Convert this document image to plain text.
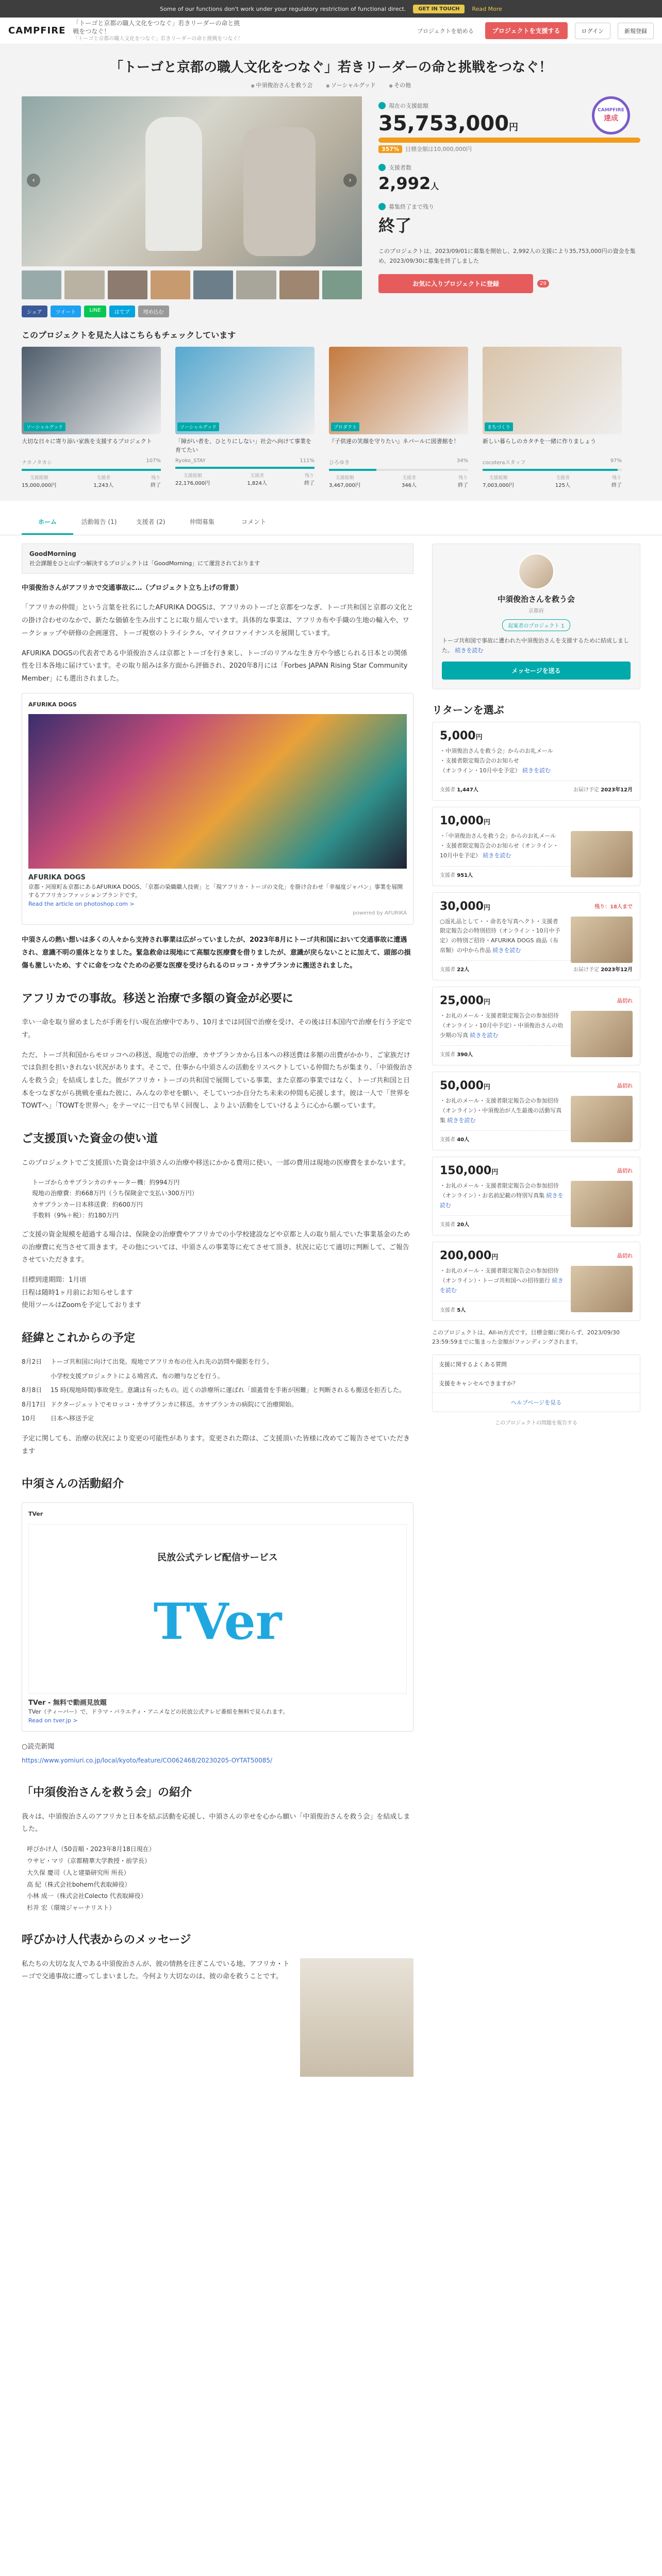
Some of our functions don't work under your regulatory restriction of functional direct.	GET IN TOUCH	Read More
CAMPFIRE
「トーゴと京都の職人文化をつなぐ」若きリーダーの命と挑戦をつなぐ！
「トーゴと京都の職人文化をつなぐ」若きリーダーの命と挑戦をつなぐ！
プロジェクトを始める	プロジェクトを支援する	ログイン	新規登録
「トーゴと京都の職人文化をつなぐ」若きリーダーの命と挑戦をつなぐ！
● 中須俊治さんを救う会	● ソーシャルグッド	● その他
‹	›
シェア	ツイート	LINE	はてブ	埋め込む
CAMPFIRE
達成
現在の支援総額
35,753,000円
357% 目標金額は10,000,000円
支援者数
2,992人
募集終了まで残り
終了
このプロジェクトは、2023/09/01に募集を開始し、2,992人の支援により35,753,000円の資金を集め、2023/09/30に募集を終了しました
お気に入りプロジェクトに登録	29
このプロジェクトを見た人はこちらもチェックしています
ソーシャルグッド
大切な日々に寄り添い家族を支援するプロジェクト
ナカノタカシ	107%
支援総額
15,000,000円
支援者
1,243人
残り
終了
ソーシャルグッド
「障がい者を、ひとりにしない」社会へ向けて事業を育てたい
Ryoko_STAY	111%
支援総額
22,176,000円
支援者
1,824人
残り
終了
プロダクト
『子供達の笑顔を守りたい』ネパールに図書館を！
ひろゆき	34%
支援総額
3,467,000円
支援者
346人
残り
終了
まちづくり
新しい暮らしのカタチを一緒に作りましょう
cocoteraスタッフ	97%
支援総額
7,003,000円
支援者
125人
残り
終了
ホーム	活動報告 (1)	支援者 (2)	仲間募集	コメント
GoodMorning
社会課題をひと山ずつ解決するプロジェクトは「GoodMorning」にて運営されております

中須俊治さんがアフリカで交通事故に…（プロジェクト立ち上げの背景）

「アフリカの仲間」という言葉を社名にしたAFURIKA DOGSは、アフリカのトーゴと京都をつなぎ、トーゴ共和国と京都の文化との掛け合わせのなかで、新たな価値を生み出すことに取り組んでいます。具体的な事業は、アフリカ布や手織の生地の輸入や、ワークショップや研修の企画運営、トーゴ視察のトライシクル、マイクロファイナンスを展開しています。

AFURIKA DOGSの代表者である中須俊治さんは京都とトーゴを行き来し、トーゴのリアルな生き方や今感じられる日本との関係性を日本各地に届けています。その取り組みは多方面から評価され、2020年8月には「Forbes JAPAN Rising Star Community Member」にも選出されました。

AFURIKA DOGS
AFURIKA DOGS
京都・河原町＆京都にあるAFURIKA DOGS、「京都の染織職人技術」と「現アフリカ・トーゴの文化」を掛け合わせ「幸福度ジャパン」事業を展開するアフリカンファッションブランドです。
Read the article on photoshop.com >
powered by AFURIKA

中須さんの熱い想いは多くの人々から支持され事業は広がっていましたが、2023年8月にトーゴ共和国において交通事故に遭遇され、意識不明の重体となりました。緊急救命は現地にて高額な医療費を借りましたが、意識が戻らないことに加えて、頭部の損傷も激しいため、すぐに命をつなぐための必要な医療を受けられるのロッコ・カサブランカに搬送されました。

アフリカでの事故。移送と治療で多額の資金が必要に

幸い一命を取り留めましたが手術を行い現在治療中であり、10月までは同国で治療を受け、その後は日本国内で治療を行う予定です。

ただ、トーゴ共和国からモロッコへの移送、現地での治療、カサブランカから日本への移送費は多額の出費がかかり、ご家族だけでは負担を担いきれない状況があります。そこで、仕事から中須さんの活動をリスペクトしている仲間たちが集まり、「中須俊治さんを救う会」を結成しました。彼がアフリカ・トーゴの共和国で展開している事業、また京都の事業ではなく、トーゴ共和国と日本をつなぎながら挑戦を重ねた彼に、みんなの幸せを願い、そしていつか自分たち未来の仲間も応援します。彼は一人で「世界をTOWTへ」「TOWTを世界へ」をテーマに一日でも早く回復し、よりよい活動をしていけるように心から願っています。

ご支援頂いた資金の使い道

このプロジェクトでご支援頂いた資金は中須さんの治療や移送にかかる費用に使い、一部の費用は現地の医療費をまかないます。

トーゴからカサブランカのチャーター機：約994万円
現地の治療費：約668万円（うち保険金で支払い300万円）
カサブランカー日本移送費：約600万円
手数料（9%＋税）：約180万円

ご支援の資金規模を超過する場合は、保険金の治療費やアフリカでの小学校建設などや京都と人の取り組んでいた事業基金のための治療費に充当させて頂きます。その他については、中須さんの事業等に充てさせて頂き、状況に応じて適切に判断して、ご報告させていただきます。

目標到達期間：1月頃
日程は随時1ヶ月前にお知らせします
使用ツールはZoomを予定しております

経緯とこれからの予定
8月2日	トーゴ共和国に向けて出発。現地でアフリカ布の仕入れ先の訪問や撮影を行う。
小学校支援プロジェクトによる鳩宮式、布の贈与などを行う。
8月8日	15 時(現地時間)事故発生。意識は有ったもの。近くの診療所に運ばれ「頭蓋骨を手術が困難」と判断されるも搬送を拒否した。
8月17日 ドクタージェットでモロッコ・カサブランカに移送。カサブランカの病院にて治療開始。
10月	日本へ移送予定

予定に関しても、治療の状況により変更の可能性があります。変更された際は、ご支援頂いた皆様に改めてご報告させていただきます

中須さんの活動紹介
TVer
民放公式テレビ配信サービス
TVer
TVer - 無料で動画見放題
TVer（ティーバー）で、ドラマ・バラエティ・アニメなどの民放公式テレビ番組を無料で見られます。
Read on tver.jp >

○読売新聞

https://www.yomiuri.co.jp/local/kyoto/feature/CO062468/20230205-OYTAT50085/

「中須俊治さんを救う会」の紹介

我々は、中須俊治さんのアフリカと日本を結ぶ活動を応援し、中須さんの幸せを心から願い「中須俊治さんを救う会」を結成しました。

呼びかけ人（50音順・2023年8月18日現在）
ウサビ・マリ（京都精華大学教授・前学長）
大久保 慶司（人と建築研究所 所長）
高 紀（株式会社bohem代表取締役）
小林 成一（株式会社Colecto 代表取締役）
杉井 宏（環境ジャーナリスト）
呼びかけ人代表からのメッセージ

私たちの大切な友人である中須俊治さんが、彼の情熱を注ぎこんでいる地、アフリカ・トーゴで交通事故に遭ってしまいました。今何より大切なのは、彼の命を救うことです。

中須俊治さんを救う会
京都府
起案者のプロジェクト 1
トーゴ共和国で事故に遭われた中須俊治さんを支援するために結成しました。 続きを読む
メッセージを送る
リターンを選ぶ
5,000円
・中須俊治さんを救う会」からのお礼メール
・支援者限定報告会のお知らせ
（オンライン・10月中を予定） 続きを読む
支援者 1,447人	お届け予定 2023年12月
10,000円
・「中須俊治さんを救う会」からのお礼メール
・支援者限定報告会のお知らせ（オンライン・10月中を予定） 続きを読む
支援者 951人
30,000円	残り：18人まで
○返礼品として・・命名を写真へクト・支援者限定報告会の特別招待（オンライン・10月中予定）の特別ご招待・AFURIKA DOGS 商品（布帛類）の中から作品 続きを読む
支援者 22人	お届け予定 2023年12月
25,000円	品切れ
・お礼のメール・支援者限定報告会の参加招待（オンライン・10月中予定）・中須俊治さんの幼少期の写真 続きを読む
支援者 390人
50,000円	品切れ
・お礼のメール・支援者限定報告会の参加招待（オンライン）・中須俊治が人生最後の活動写真集 続きを読む
支援者 40人
150,000円	品切れ
・お礼のメール・支援者限定報告会の参加招待（オンライン）・お名前記載の特別写真集 続きを読む
支援者 20人
200,000円	品切れ
・お礼のメール・支援者限定報告会の参加招待（オンライン）・トーゴ共和国への招待旅行 続きを読む
支援者 5人
このプロジェクトは、All-in方式です。目標金額に関わらず、2023/09/30 23:59:59までに集まった金額がファンディングされます。
支援に関するよくある質問
支援をキャンセルできますか？
ヘルプページを見る
このプロジェクトの問題を報告する
